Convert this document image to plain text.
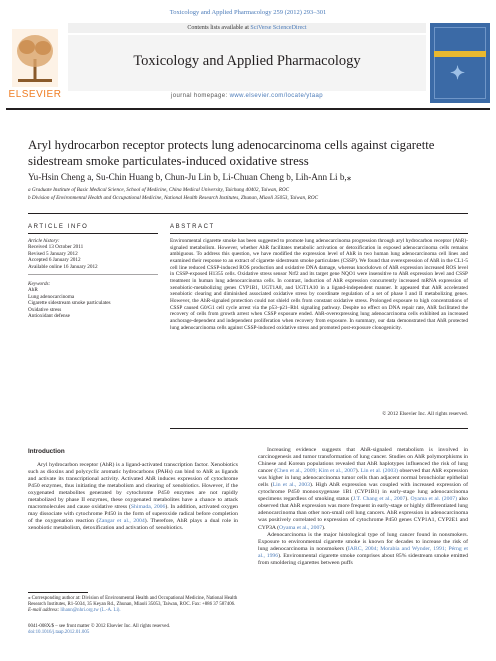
Toxicology and Applied Pharmacology 259 (2012) 293–301
ELSEVIER
Contents lists available at SciVerse ScienceDirect
Toxicology and Applied Pharmacology
journal homepage: www.elsevier.com/locate/ytaap
✦
Aryl hydrocarbon receptor protects lung adenocarcinoma cells against cigarette sidestream smoke particulates-induced oxidative stress
Yu-Hsin Cheng a, Su-Chin Huang b, Chun-Ju Lin b, Li-Chuan Cheng b, Lih-Ann Li b,⁎
a Graduate Institute of Basic Medical Science, School of Medicine, China Medical University, Taichung 40402, Taiwan, ROC
b Division of Environmental Health and Occupational Medicine, National Health Research Institutes, Zhunan, Miaoli 35053, Taiwan, ROC
ARTICLE INFO	ABSTRACT
Article history:
Received 13 October 2011
Revised 5 January 2012
Accepted 6 January 2012
Available online 16 January 2012
Keywords:
AhR
Lung adenocarcinoma
Cigarette sidestream smoke particulates
Oxidative stress
Antioxidant defense
Environmental cigarette smoke has been suggested to promote lung adenocarcinoma progression through aryl hydrocarbon receptor (AhR)-signaled metabolism. However, whether AhR facilitates metabolic activation or detoxification in exposed adenocarcinoma cells remains ambiguous. To address this question, we have modified the expression level of AhR in two human lung adenocarcinoma cell lines and examined their response to an extract of cigarette sidestream smoke particulates (CSSP). We found that overexpression of AhR in the CL1-5 cell line reduced CSSP-induced ROS production and oxidative DNA damage, whereas knockdown of AhR expression increased ROS level in CSSP-exposed H1355 cells. Oxidative stress sensor Nrf2 and its target gene NQO1 were insensitive to AhR expression level and CSSP treatment in human lung adenocarcinoma cells. In contrast, induction of AhR expression concurrently increased mRNA expression of xenobiotic-metabolizing genes CYP1B1, UGT1A8, and UGT1A10 in a ligand-independent manner. It appeared that AhR accelerated xenobiotic clearing and diminished associated oxidative stress by coordinate regulation of a set of phase I and II metabolizing genes. However, the AhR-signaled protection could not shield cells from constant oxidative stress. Prolonged exposure to high concentrations of CSSP caused G0/G1 cell cycle arrest via the p53–p21–Rb1 signaling pathway. Despite no effect on DNA repair rate, AhR facilitated the recovery of cells from growth arrest when CSSP exposure ended. AhR-overexpressing lung adenocarcinoma cells exhibited an increased anchorage-dependent and independent proliferation when recovery from exposure. In summary, our data demonstrated that AhR protected lung adenocarcinoma cells against CSSP-induced oxidative stress and promoted post-exposure clonogenicity.
© 2012 Elsevier Inc. All rights reserved.
Introduction

Aryl hydrocarbon receptor (AhR) is a ligand-activated transcription factor. Xenobiotics such as dioxins and polycyclic aromatic hydrocarbons (PAHs) can bind to AhR as ligands and activate its transcriptional activity. Activated AhR induces expression of cytochrome P450 enzymes, thus initiating the metabolism and clearing of xenobiotics. However, if the oxygenated metabolites generated by cytochrome P450 enzymes are not rapidly metabolized by phase II enzymes, these oxygenated metabolites have a chance to attack macromolecules and cause oxidative stress (Shimada, 2006). In addition, activated oxygen may dissociate with cytochrome P450 in the form of superoxide radical before completion of the oxygenation reaction (Zangar et al., 2004). Therefore, AhR plays a dual role in xenobiotic metabolism, detoxification and activation of xenobiotics.

Increasing evidence suggests that AhR-signaled metabolism is involved in carcinogenesis and tumor transformation of lung cancer. Studies on AhR polymorphisms in Chinese and Korean populations revealed that AhR haplotypes influenced the risk of lung cancer (Chen et al., 2009; Kim et al., 2007). Lin et al. (2003) observed that AhR expression was higher in lung adenocarcinoma tumor cells than adjacent normal bronchiolar epithelial cells (Lin et al., 2003). High AhR expression was coupled with increased expression of cytochrome P450 monooxygenase 1B1 (CYP1B1) in early-stage lung adenocarcinoma specimens regardless of smoking status (J.T. Chang et al., 2007). Oyama et al. (2007) also observed that AhR expression was more frequent in early-stage or highly differentiated lung adenocarcinoma than other non-small cell lung cancers. AhR expression in adenocarcinoma was positively correlated to expression of cytochrome P450 genes CYP1A1, CYP2E1 and CYP3A (Oyama et al., 2007).

Adenocarcinoma is the major histological type of lung cancer found in nonsmokers. Exposure to environmental cigarette smoke is known for decades to increase the risk of lung adenocarcinoma in nonsmokers (IARC, 2004; Morabia and Wynder, 1991; Pérng et al., 1996). Environmental cigarette smoke comprises about 85% sidestream smoke emitted from smoldering cigarettes between puffs

⁎ Corresponding author at: Division of Environmental Health and Occupational Medicine, National Health Research Institutes, R1-5034, 35 Keyan Rd., Zhunan, Miaoli 35053, Taiwan, ROC. Fax: +886 37 587406.
E-mail address: lihann@nhri.org.tw (L.-A. Li).
0041-008X/$ – see front matter © 2012 Elsevier Inc. All rights reserved.
doi:10.1016/j.taap.2012.01.005
